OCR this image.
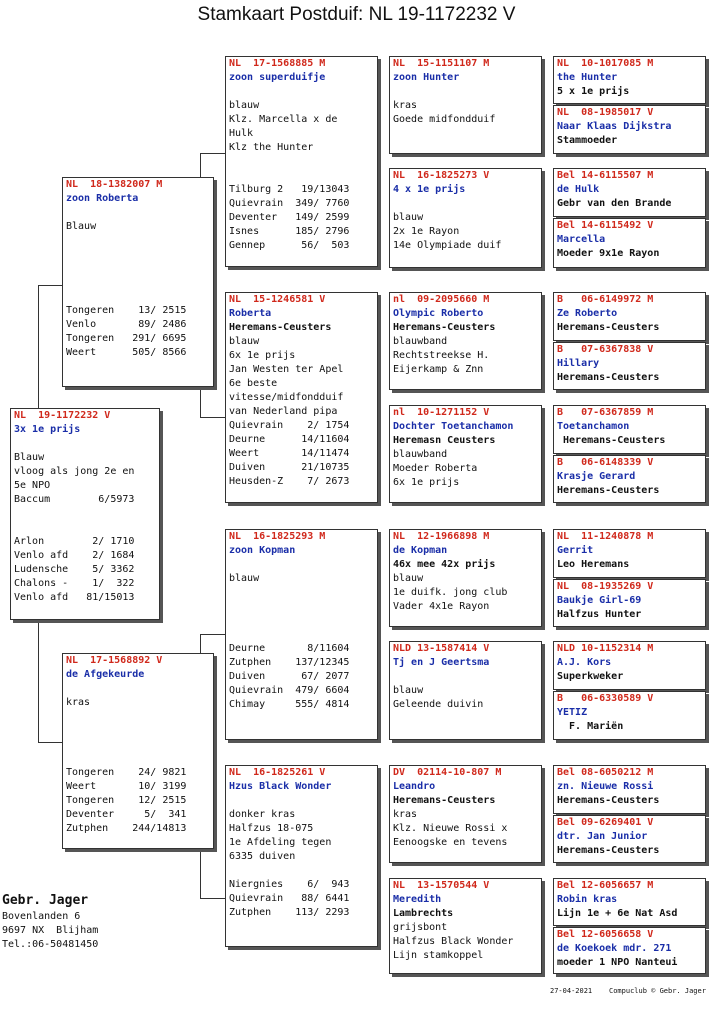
Stamkaart Postduif: NL 19-1172232 V
NL  19-1172232 V
3x 1e prijs
Blauw
vloog als jong 2e en
5e NPO
Baccum        6/5973
Arlon        2/ 1710
Venlo afd    2/ 1684
Ludensche    5/ 3362
Chalons -    1/  322
Venlo afd   81/15013
NL  18-1382007 M
zoon Roberta
Blauw
Tongeren    13/ 2515
Venlo       89/ 2486
Tongeren   291/ 6695
Weert      505/ 8566
NL  17-1568892 V
de Afgekeurde
kras
Tongeren    24/ 9821
Weert       10/ 3199
Tongeren    12/ 2515
Deventer     5/  341
Zutphen    244/14813
NL  17-1568885 M
zoon superduifje
blauw
Klz. Marcella x de
Hulk
Klz the Hunter
Tilburg 2   19/13043
Quievrain  349/ 7760
Deventer   149/ 2599
Isnes      185/ 2796
Gennep      56/  503
NL  15-1246581 V
Roberta
Heremans-Ceusters
blauw
6x 1e prijs
Jan Westen ter Apel
6e beste
vitesse/midfondduif
van Nederland pipa
Quievrain    2/ 1754
Deurne      14/11604
Weert       14/11474
Duiven      21/10735
Heusden-Z    7/ 2673
NL  16-1825293 M
zoon Kopman
blauw
Deurne       8/11604
Zutphen    137/12345
Duiven      67/ 2077
Quievrain  479/ 6604
Chimay     555/ 4814
NL  16-1825261 V
Hzus Black Wonder
donker kras
Halfzus 18-075
1e Afdeling tegen
6335 duiven
Niergnies    6/  943
Quievrain   88/ 6441
Zutphen    113/ 2293
NL  15-1151107 M
zoon Hunter
kras
Goede midfondduif
NL  16-1825273 V
4 x 1e prijs
blauw
2x 1e Rayon
14e Olympiade duif
nl  09-2095660 M
Olympic Roberto
Heremans-Ceusters
blauwband
Rechtstreekse H.
Eijerkamp & Znn
nl  10-1271152 V
Dochter Toetanchamon
Heremasn Ceusters
blauwband
Moeder Roberta
6x 1e prijs
NL  12-1966898 M
de Kopman
46x mee 42x prijs
blauw
1e duifk. jong club
Vader 4x1e Rayon
NLD 13-1587414 V
Tj en J Geertsma
blauw
Geleende duivin
DV  02114-10-807 M
Leandro
Heremans-Ceusters
kras
Klz. Nieuwe Rossi x
Eenoogske en tevens
NL  13-1570544 V
Meredith
Lambrechts
grijsbont
Halfzus Black Wonder
Lijn stamkoppel
NL  10-1017085 M
the Hunter
5 x 1e prijs
NL  08-1985017 V
Naar Klaas Dijkstra
Stammoeder
Bel 14-6115507 M
de Hulk
Gebr van den Brande
Bel 14-6115492 V
Marcella
Moeder 9x1e Rayon
B   06-6149972 M
Ze Roberto
Heremans-Ceusters
B   07-6367838 V
Hillary
Heremans-Ceusters
B   07-6367859 M
Toetanchamon
Heremans-Ceusters
B   06-6148339 V
Krasje Gerard
Heremans-Ceusters
NL  11-1240878 M
Gerrit
Leo Heremans
NL  08-1935269 V
Baukje Girl-69
Halfzus Hunter
NLD 10-1152314 M
A.J. Kors
Superkweker
B   06-6330589 V
YETIZ
F. Mariën
Bel 08-6050212 M
zn. Nieuwe Rossi
Heremans-Ceusters
Bel 09-6269401 V
dtr. Jan Junior
Heremans-Ceusters
Bel 12-6056657 M
Robin kras
Lijn 1e + 6e Nat Asd
Bel 12-6056658 V
de Koekoek mdr. 271
moeder 1 NPO Nanteui
Gebr. Jager
Bovenlanden 6
9697 NX  Blijham
Tel.:06-50481450
27-04-2021    Compuclub © Gebr. Jager
